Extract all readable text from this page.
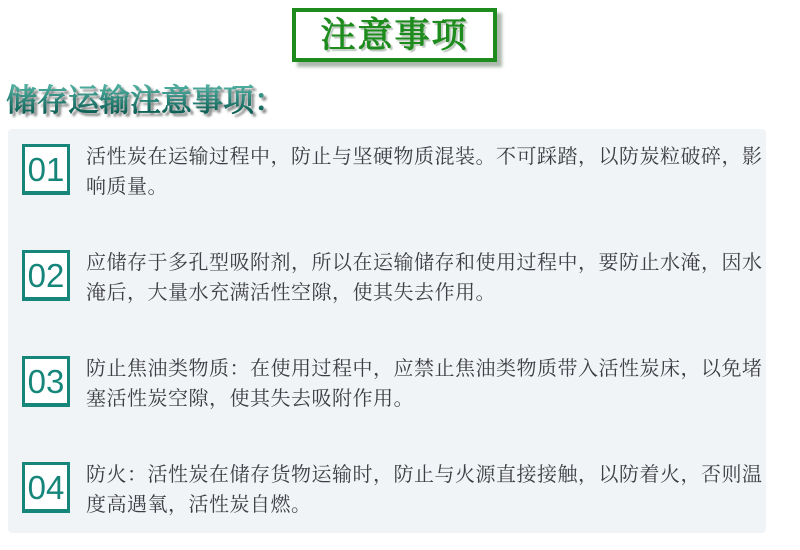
注意事项
储存运输注意事项：
01 活性炭在运输过程中，防止与坚硬物质混装。不可踩踏，以防炭粒破碎，影响质量。

02 应储存于多孔型吸附剂，所以在运输储存和使用过程中，要防止水淹，因水淹后，大量水充满活性空隙，使其失去作用。

03 防止焦油类物质：在使用过程中，应禁止焦油类物质带入活性炭床，以免堵塞活性炭空隙，使其失去吸附作用。

04 防火：活性炭在储存货物运输时，防止与火源直接接触，以防着火，否则温度高遇氧，活性炭自燃。
